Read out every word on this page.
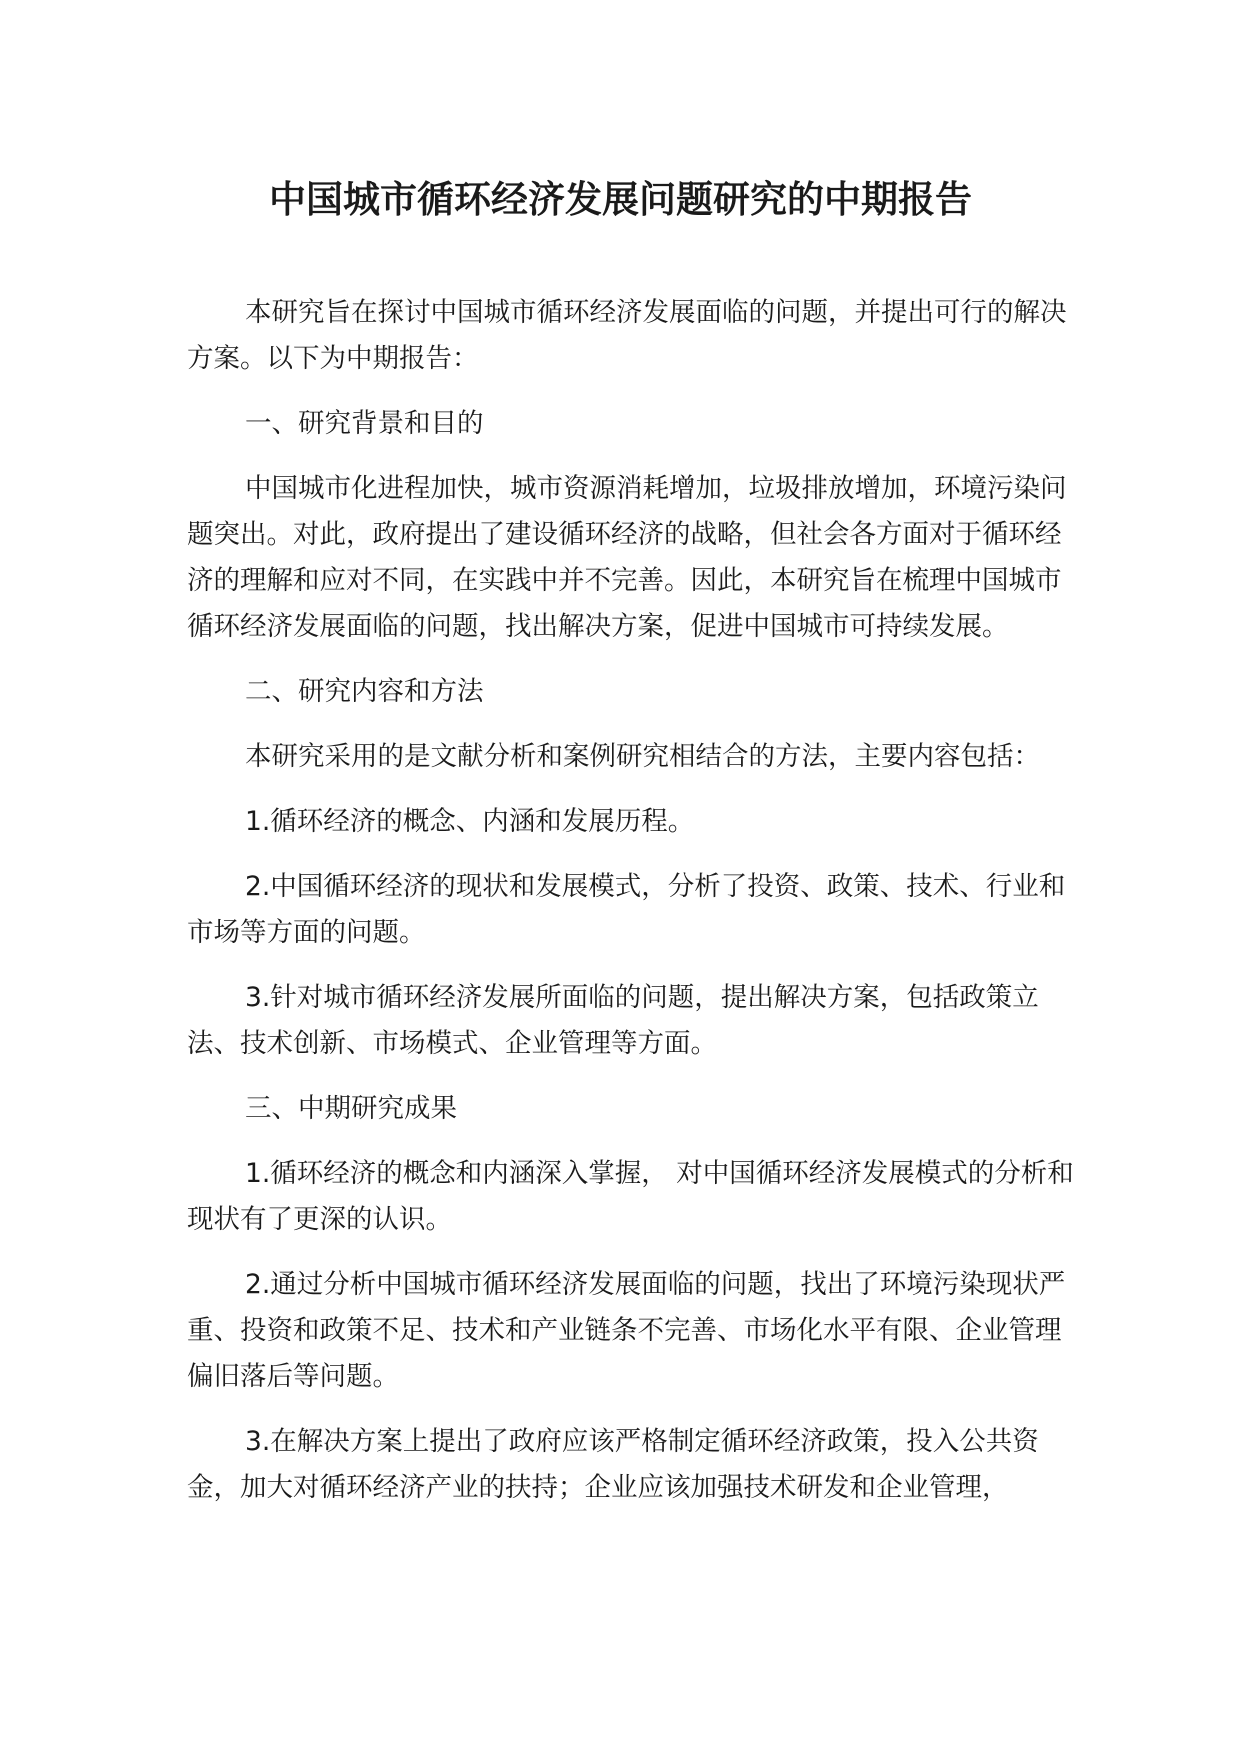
中国城市循环经济发展问题研究的中期报告

本研究旨在探讨中国城市循环经济发展面临的问题，并提出可行的解决方案。以下为中期报告：

一、研究背景和目的

中国城市化进程加快，城市资源消耗增加，垃圾排放增加，环境污染问题突出。对此，政府提出了建设循环经济的战略，但社会各方面对于循环经济的理解和应对不同，在实践中并不完善。因此，本研究旨在梳理中国城市循环经济发展面临的问题，找出解决方案，促进中国城市可持续发展。

二、研究内容和方法

本研究采用的是文献分析和案例研究相结合的方法，主要内容包括：

1.循环经济的概念、内涵和发展历程。

2.中国循环经济的现状和发展模式，分析了投资、政策、技术、行业和市场等方面的问题。

3.针对城市循环经济发展所面临的问题，提出解决方案，包括政策立法、技术创新、市场模式、企业管理等方面。

三、中期研究成果

1.循环经济的概念和内涵深入掌握， 对中国循环经济发展模式的分析和现状有了更深的认识。

2.通过分析中国城市循环经济发展面临的问题，找出了环境污染现状严重、投资和政策不足、技术和产业链条不完善、市场化水平有限、企业管理偏旧落后等问题。

3.在解决方案上提出了政府应该严格制定循环经济政策，投入公共资金，加大对循环经济产业的扶持；企业应该加强技术研发和企业管理，
